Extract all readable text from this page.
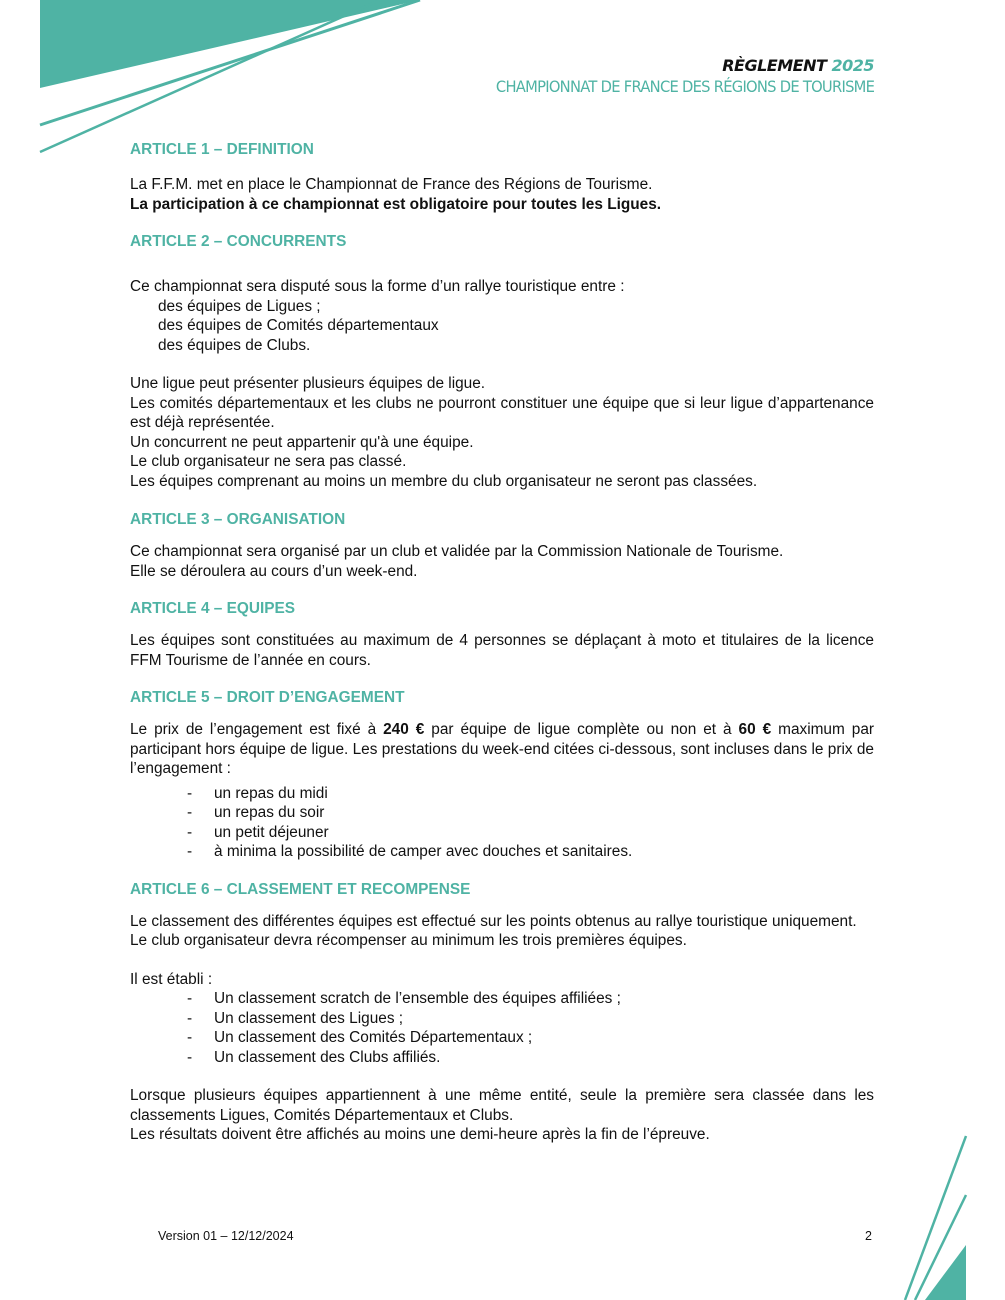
RÈGLEMENT 2025
CHAMPIONNAT DE FRANCE DES RÉGIONS DE TOURISME
ARTICLE 1 – DEFINITION

La F.F.M. met en place le Championnat de France des Régions de Tourisme.

La participation à ce championnat est obligatoire pour toutes les Ligues.

ARTICLE 2 – CONCURRENTS

Ce championnat sera disputé sous la forme d’un rallye touristique entre :

des équipes de Ligues ;

des équipes de Comités départementaux

des équipes de Clubs.

Une ligue peut présenter plusieurs équipes de ligue.

Les comités départementaux et les clubs ne pourront constituer une équipe que si leur ligue d’appartenance est déjà représentée.

Un concurrent ne peut appartenir qu'à une équipe.

Le club organisateur ne sera pas classé.

Les équipes comprenant au moins un membre du club organisateur ne seront pas classées.

ARTICLE 3 – ORGANISATION

Ce championnat sera organisé par un club et validée par la Commission Nationale de Tourisme.

Elle se déroulera au cours d’un week-end.

ARTICLE 4 – EQUIPES

Les équipes sont constituées au maximum de 4 personnes se déplaçant à moto et titulaires de la licence FFM Tourisme de l’année en cours.

ARTICLE 5 – DROIT D’ENGAGEMENT

Le prix de l’engagement est fixé à 240 € par équipe de ligue complète ou non et à 60 € maximum par participant hors équipe de ligue. Les prestations du week-end citées ci-dessous, sont incluses dans le prix de l’engagement :

- un repas du midi
- un repas du soir
- un petit déjeuner
- à minima la possibilité de camper avec douches et sanitaires.
ARTICLE 6 – CLASSEMENT ET RECOMPENSE

Le classement des différentes équipes est effectué sur les points obtenus au rallye touristique uniquement.

Le club organisateur devra récompenser au minimum les trois premières équipes.

Il est établi :

- Un classement scratch de l’ensemble des équipes affiliées ;
- Un classement des Ligues ;
- Un classement des Comités Départementaux ;
- Un classement des Clubs affiliés.

Lorsque plusieurs équipes appartiennent à une même entité, seule la première sera classée dans les classements Ligues, Comités Départementaux et Clubs.

Les résultats doivent être affichés au moins une demi-heure après la fin de l’épreuve.

Version 01 – 12/12/2024	2
